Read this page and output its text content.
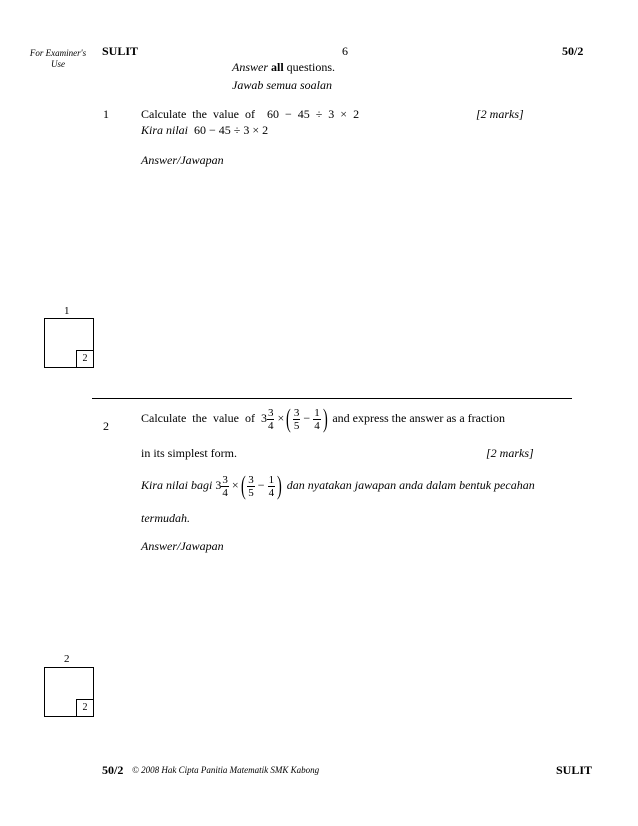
For Examiner's Use
SULIT	6	50/2
Answer all questions.
Jawab semua soalan
1	Calculate the value of 60 − 45 ÷ 3 × 2	[2 marks]
Kira nilai 60 − 45 ÷ 3 × 2
Answer/Jawapan
1
2
2
Calculate the value of $3 \frac{3}{4}$ ×( $\frac{3}{5} - \frac{1}{4}$ ) and express the answer as a fraction
in its simplest form.	[2 marks]
Kira nilai bagi $3 \frac{3}{4}$ ×( $\frac{3}{5} - \frac{1}{4}$ ) dan nyatakan jawapan anda dalam bentuk pecahan
termudah.
Answer/Jawapan
2
2
50/2 © 2008 Hak Cipta Panitia Matematik SMK Kabong	SULIT
